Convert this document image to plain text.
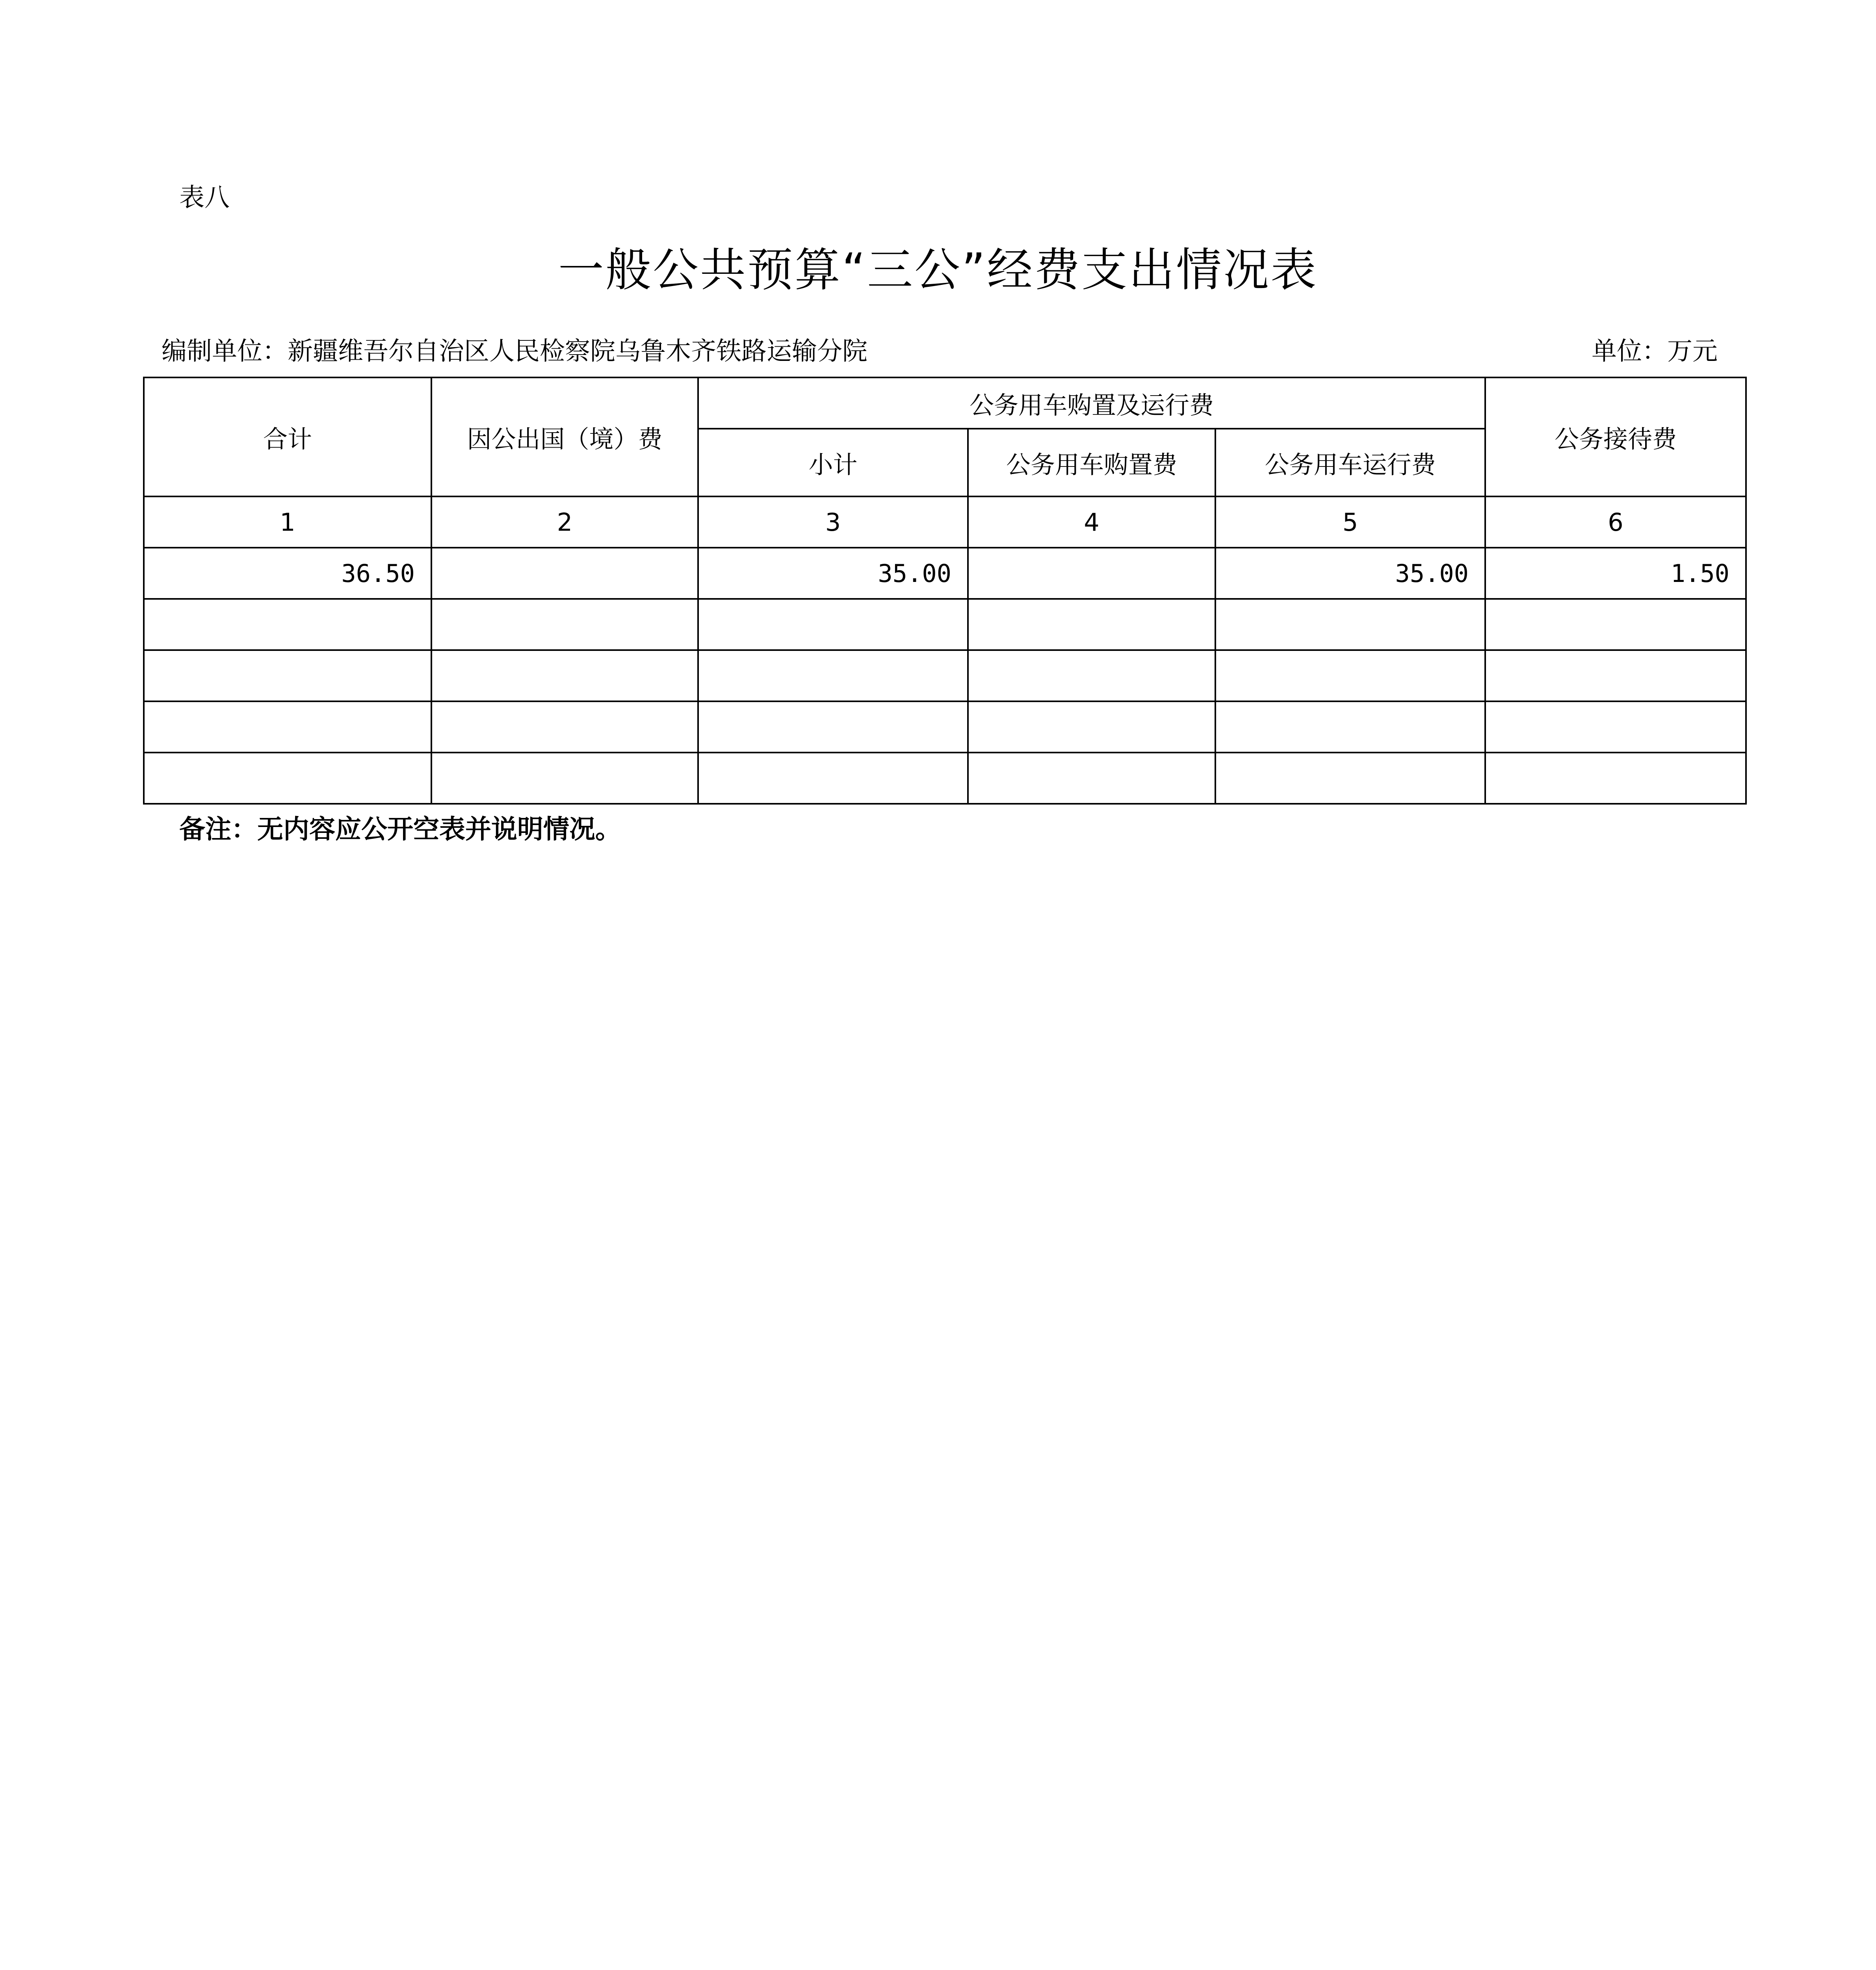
表八
一般公共预算“三公”经费支出情况表
编制单位：新疆维吾尔自治区人民检察院乌鲁木齐铁路运输分院	单位：万元
合计	因公出国（境）费	公务用车购置及运行费			公务接待费
		小计	公务用车购置费	公务用车运行费	
1	2	3	4	5	6
36.50		35.00		35.00	1.50

备注：无内容应公开空表并说明情况。
